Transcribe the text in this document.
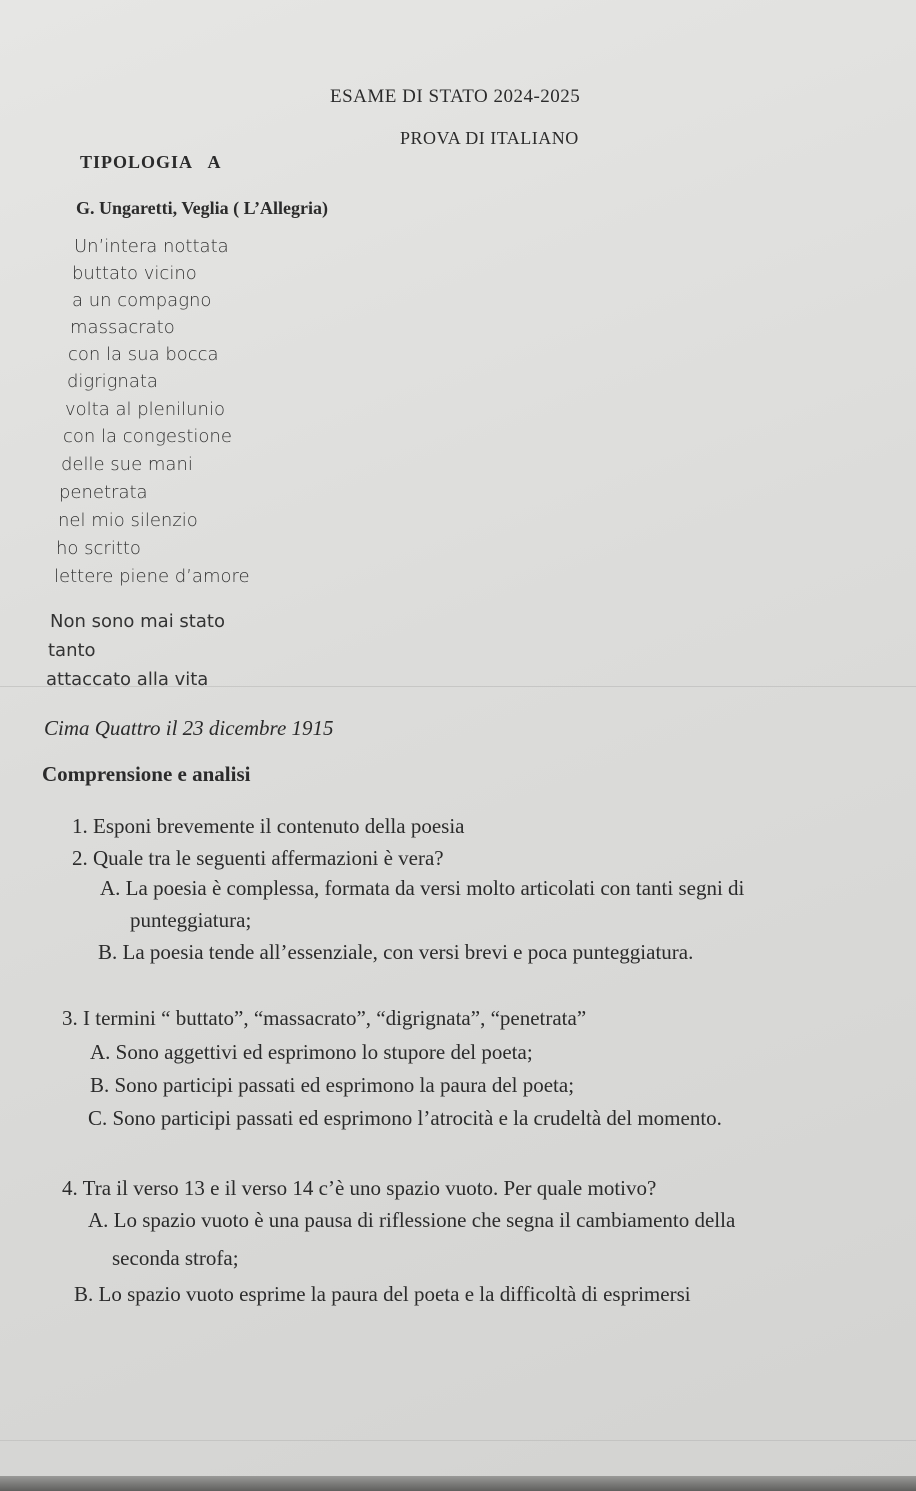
ESAME DI STATO 2024-2025
PROVA DI ITALIANO
TIPOLOGIA   A
G. Ungaretti, Veglia ( L’Allegria)
Un’intera nottata
buttato vicino
a un compagno
massacrato
con la sua bocca
digrignata
volta al plenilunio
con la congestione
delle sue mani
penetrata
nel mio silenzio
ho scritto
lettere piene d’amore
Non sono mai stato
tanto
attaccato alla vita
Cima Quattro il 23 dicembre 1915
Comprensione e analisi
1. Esponi brevemente il contenuto della poesia
2. Quale tra le seguenti affermazioni è vera?
A. La poesia è complessa, formata da versi molto articolati con tanti segni di
punteggiatura;
B. La poesia tende all’essenziale, con versi brevi e poca punteggiatura.
3. I termini “ buttato”, “massacrato”, “digrignata”, “penetrata”
A. Sono aggettivi ed esprimono lo stupore del poeta;
B. Sono participi passati ed esprimono la paura del poeta;
C. Sono participi passati ed esprimono l’atrocità e la crudeltà del momento.
4. Tra il verso 13 e il verso 14 c’è uno spazio vuoto. Per quale motivo?
A. Lo spazio vuoto è una pausa di riflessione che segna il cambiamento della
seconda strofa;
B. Lo spazio vuoto esprime la paura del poeta e la difficoltà di esprimersi
